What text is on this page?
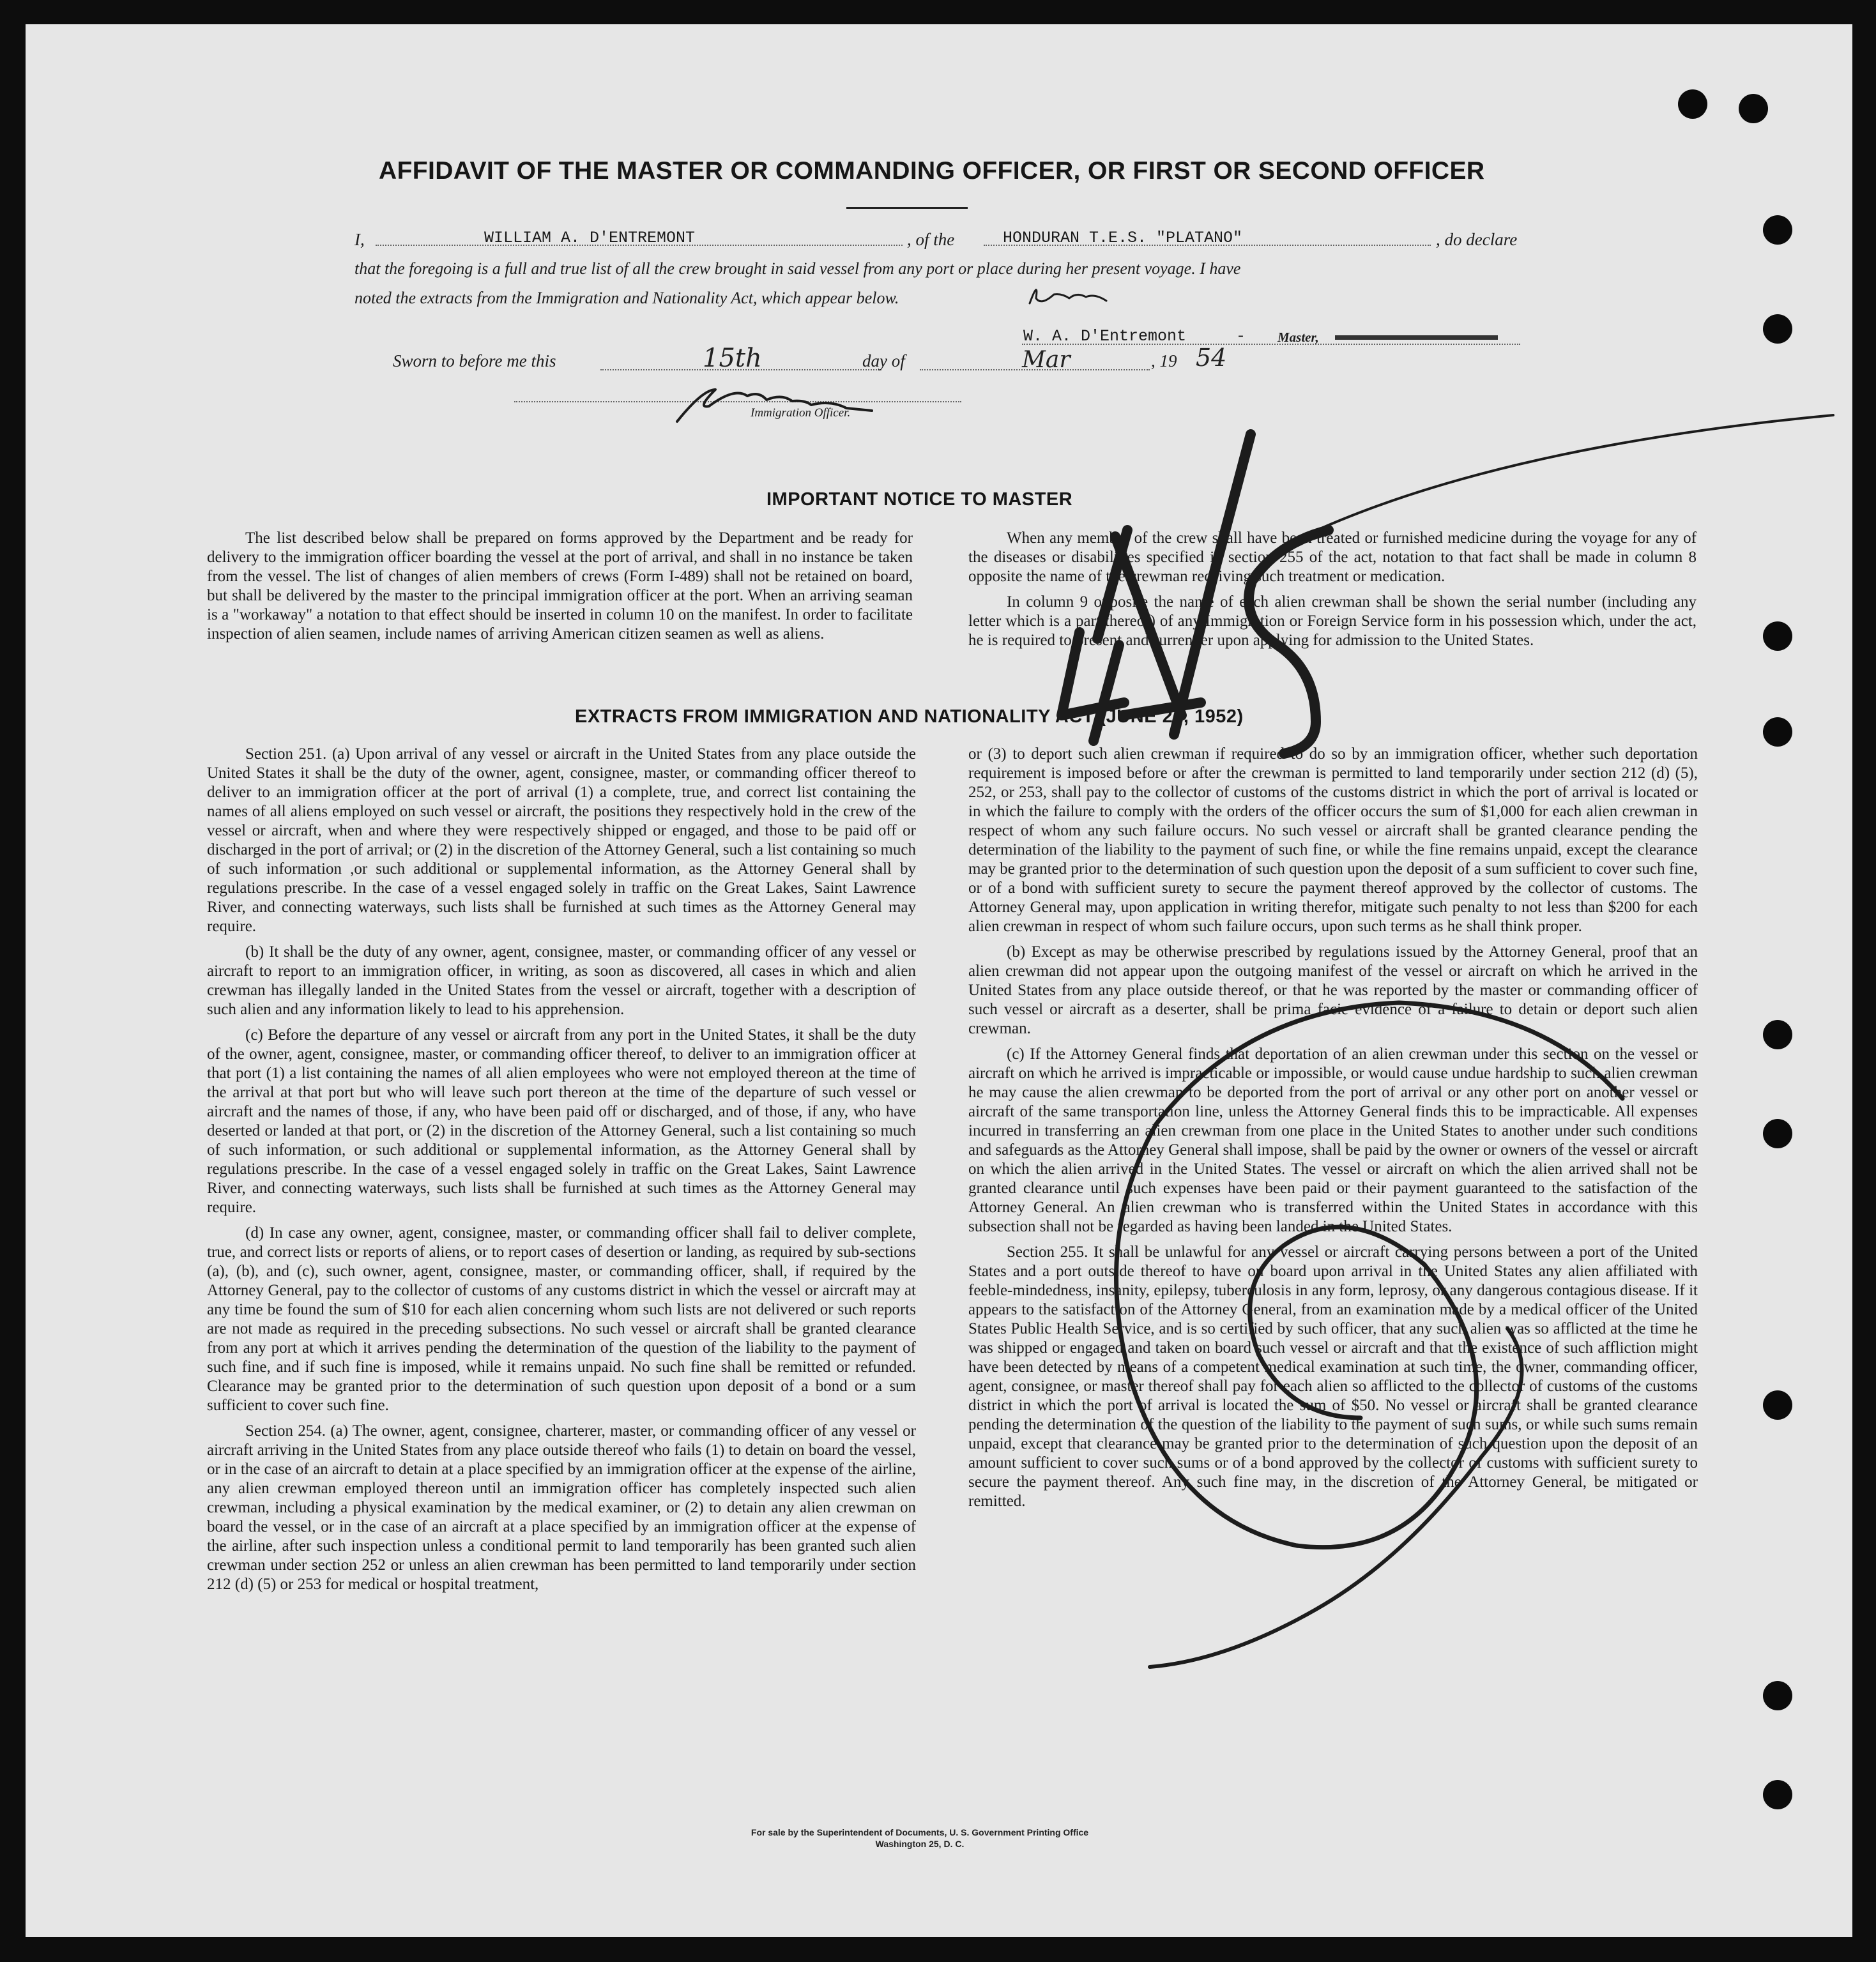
AFFIDAVIT OF THE MASTER OR COMMANDING OFFICER, OR FIRST OR SECOND OFFICER
I,	WILLIAM A. D'ENTREMONT	, of the	HONDURAN T.E.S. "PLATANO"	, do declare
that the foregoing is a full and true list of all the crew brought in said vessel from any port or place during her present voyage. I have
noted the extracts from the Immigration and Nationality Act, which appear below.
W. A. D'Entremont	- Master,
Sworn to before me this	15th	day of	Mar	, 19 54
Immigration Officer.
IMPORTANT NOTICE TO MASTER

The list described below shall be prepared on forms approved by the Department and be ready for delivery to the immigration officer boarding the vessel at the port of arrival, and shall in no instance be taken from the vessel. The list of changes of alien members of crews (Form I-489) shall not be retained on board, but shall be delivered by the master to the principal immigration officer at the port. When an arriving seaman is a "workaway" a notation to that effect should be inserted in column 10 on the manifest. In order to facilitate inspection of alien seamen, include names of arriving American citizen seamen as well as aliens.

When any member of the crew shall have been treated or furnished medicine during the voyage for any of the diseases or disabilities specified in section 255 of the act, notation to that fact shall be made in column 8 opposite the name of the crewman receiving such treatment or medication.

In column 9 opposite the name of each alien crewman shall be shown the serial number (including any letter which is a part thereof) of any Immigration or Foreign Service form in his possession which, under the act, he is required to present and surrender upon applying for admission to the United States.

EXTRACTS FROM IMMIGRATION AND NATIONALITY ACT (JUNE 27, 1952)

Section 251. (a) Upon arrival of any vessel or aircraft in the United States from any place outside the United States it shall be the duty of the owner, agent, consignee, master, or commanding officer thereof to deliver to an immigration officer at the port of arrival (1) a complete, true, and correct list containing the names of all aliens employed on such vessel or aircraft, the positions they respectively hold in the crew of the vessel or aircraft, when and where they were respectively shipped or engaged, and those to be paid off or discharged in the port of arrival; or (2) in the discretion of the Attorney General, such a list containing so much of such information ,or such additional or supplemental information, as the Attorney General shall by regulations prescribe. In the case of a vessel engaged solely in traffic on the Great Lakes, Saint Lawrence River, and connecting waterways, such lists shall be furnished at such times as the Attorney General may require.

(b) It shall be the duty of any owner, agent, consignee, master, or commanding officer of any vessel or aircraft to report to an immigration officer, in writing, as soon as discovered, all cases in which and alien crewman has illegally landed in the United States from the vessel or aircraft, together with a description of such alien and any information likely to lead to his apprehension.

(c) Before the departure of any vessel or aircraft from any port in the United States, it shall be the duty of the owner, agent, consignee, master, or commanding officer thereof, to deliver to an immigration officer at that port (1) a list containing the names of all alien employees who were not employed thereon at the time of the arrival at that port but who will leave such port thereon at the time of the departure of such vessel or aircraft and the names of those, if any, who have been paid off or discharged, and of those, if any, who have deserted or landed at that port, or (2) in the discretion of the Attorney General, such a list containing so much of such information, or such additional or supplemental information, as the Attorney General shall by regulations prescribe. In the case of a vessel engaged solely in traffic on the Great Lakes, Saint Lawrence River, and connecting waterways, such lists shall be furnished at such times as the Attorney General may require.

(d) In case any owner, agent, consignee, master, or commanding officer shall fail to deliver complete, true, and correct lists or reports of aliens, or to report cases of desertion or landing, as required by sub-sections (a), (b), and (c), such owner, agent, consignee, master, or commanding officer, shall, if required by the Attorney General, pay to the collector of customs of any customs district in which the vessel or aircraft may at any time be found the sum of $10 for each alien concerning whom such lists are not delivered or such reports are not made as required in the preceding subsections. No such vessel or aircraft shall be granted clearance from any port at which it arrives pending the determination of the question of the liability to the payment of such fine, and if such fine is imposed, while it remains unpaid. No such fine shall be remitted or refunded. Clearance may be granted prior to the determination of such question upon deposit of a bond or a sum sufficient to cover such fine.

Section 254. (a) The owner, agent, consignee, charterer, master, or commanding officer of any vessel or aircraft arriving in the United States from any place outside thereof who fails (1) to detain on board the vessel, or in the case of an aircraft to detain at a place specified by an immigration officer at the expense of the airline, any alien crewman employed thereon until an immigration officer has completely inspected such alien crewman, including a physical examination by the medical examiner, or (2) to detain any alien crewman on board the vessel, or in the case of an aircraft at a place specified by an immigration officer at the expense of the airline, after such inspection unless a conditional permit to land temporarily has been granted such alien crewman under section 252 or unless an alien crewman has been permitted to land temporarily under section 212 (d) (5) or 253 for medical or hospital treatment,

or (3) to deport such alien crewman if required to do so by an immigration officer, whether such deportation requirement is imposed before or after the crewman is permitted to land temporarily under section 212 (d) (5), 252, or 253, shall pay to the collector of customs of the customs district in which the port of arrival is located or in which the failure to comply with the orders of the officer occurs the sum of $1,000 for each alien crewman in respect of whom any such failure occurs. No such vessel or aircraft shall be granted clearance pending the determination of the liability to the payment of such fine, or while the fine remains unpaid, except the clearance may be granted prior to the determination of such question upon the deposit of a sum sufficient to cover such fine, or of a bond with sufficient surety to secure the payment thereof approved by the collector of customs. The Attorney General may, upon application in writing therefor, mitigate such penalty to not less than $200 for each alien crewman in respect of whom such failure occurs, upon such terms as he shall think proper.

(b) Except as may be otherwise prescribed by regulations issued by the Attorney General, proof that an alien crewman did not appear upon the outgoing manifest of the vessel or aircraft on which he arrived in the United States from any place outside thereof, or that he was reported by the master or commanding officer of such vessel or aircraft as a deserter, shall be prima facie evidence of a failure to detain or deport such alien crewman.

(c) If the Attorney General finds that deportation of an alien crewman under this section on the vessel or aircraft on which he arrived is impracticable or impossible, or would cause undue hardship to such alien crewman he may cause the alien crewman to be deported from the port of arrival or any other port on another vessel or aircraft of the same transportation line, unless the Attorney General finds this to be impracticable. All expenses incurred in transferring an alien crewman from one place in the United States to another under such conditions and safeguards as the Attorney General shall impose, shall be paid by the owner or owners of the vessel or aircraft on which the alien arrived in the United States. The vessel or aircraft on which the alien arrived shall not be granted clearance until such expenses have been paid or their payment guaranteed to the satisfaction of the Attorney General. An alien crewman who is transferred within the United States in accordance with this subsection shall not be regarded as having been landed in the United States.

Section 255. It shall be unlawful for any vessel or aircraft carrying persons between a port of the United States and a port outside thereof to have on board upon arrival in the United States any alien affiliated with feeble-mindedness, insanity, epilepsy, tuberculosis in any form, leprosy, or any dangerous contagious disease. If it appears to the satisfaction of the Attorney General, from an examination made by a medical officer of the United States Public Health Service, and is so certified by such officer, that any such alien was so afflicted at the time he was shipped or engaged and taken on board such vessel or aircraft and that the existence of such affliction might have been detected by means of a competent medical examination at such time, the owner, commanding officer, agent, consignee, or master thereof shall pay for each alien so afflicted to the collector of customs of the customs district in which the port of arrival is located the sum of $50. No vessel or aircraft shall be granted clearance pending the determination of the question of the liability to the payment of such sums, or while such sums remain unpaid, except that clearance may be granted prior to the determination of such question upon the deposit of an amount sufficient to cover such sums or of a bond approved by the collector of customs with sufficient surety to secure the payment thereof. Any such fine may, in the discretion of the Attorney General, be mitigated or remitted.

For sale by the Superintendent of Documents, U. S. Government Printing Office
Washington 25, D. C.
